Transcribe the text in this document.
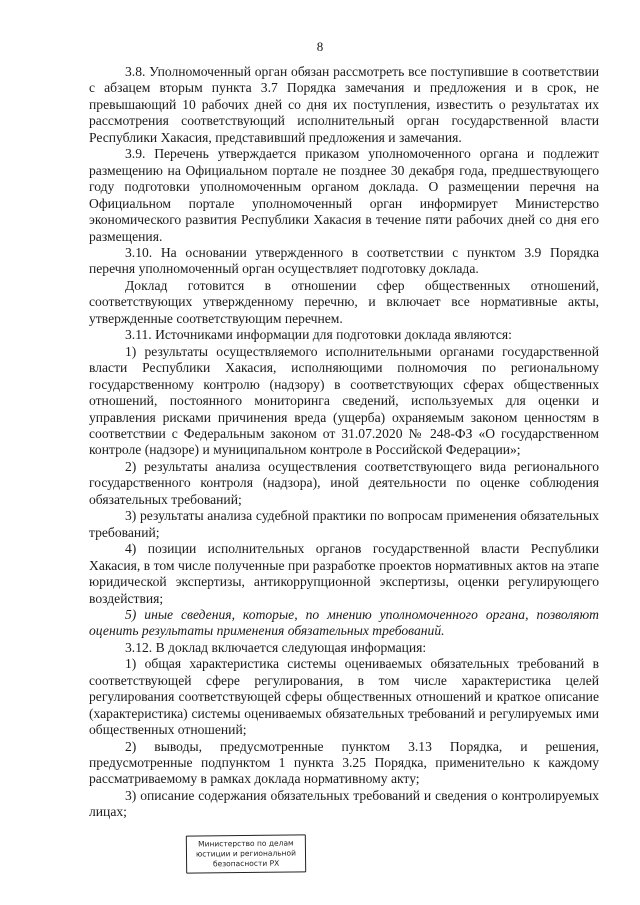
8

3.8. Уполномоченный орган обязан рассмотреть все поступившие в соответствии с абзацем вторым пункта 3.7 Порядка замечания и предложения и в срок, не превышающий 10 рабочих дней со дня их поступления, известить о результатах их рассмотрения соответствующий исполнительный орган государственной власти Республики Хакасия, представивший предложения и замечания.

3.9. Перечень утверждается приказом уполномоченного органа и подлежит размещению на Официальном портале не позднее 30 декабря года, предшествующего году подготовки уполномоченным органом доклада. О размещении перечня на Официальном портале уполномоченный орган информирует Министерство экономического развития Республики Хакасия в течение пяти рабочих дней со дня его размещения.

3.10. На основании утвержденного в соответствии с пунктом 3.9 Порядка перечня уполномоченный орган осуществляет подготовку доклада.

Доклад готовится в отношении сфер общественных отношений, соответствующих утвержденному перечню, и включает все нормативные акты, утвержденные соответствующим перечнем.

3.11. Источниками информации для подготовки доклада являются:

1) результаты осуществляемого исполнительными органами государственной власти Республики Хакасия, исполняющими полномочия по региональному государственному контролю (надзору) в соответствующих сферах общественных отношений, постоянного мониторинга сведений, используемых для оценки и управления рисками причинения вреда (ущерба) охраняемым законом ценностям в соответствии с Федеральным законом от 31.07.2020 № 248-ФЗ «О государственном контроле (надзоре) и муниципальном контроле в Российской Федерации»;

2) результаты анализа осуществления соответствующего вида регионального государственного контроля (надзора), иной деятельности по оценке соблюдения обязательных требований;

3) результаты анализа судебной практики по вопросам применения обязательных требований;

4) позиции исполнительных органов государственной власти Республики Хакасия, в том числе полученные при разработке проектов нормативных актов на этапе юридической экспертизы, антикоррупционной экспертизы, оценки регулирующего воздействия;

5) иные сведения, которые, по мнению уполномоченного органа, позволяют оценить результаты применения обязательных требований.

3.12. В доклад включается следующая информация:

1) общая характеристика системы оцениваемых обязательных требований в соответствующей сфере регулирования, в том числе характеристика целей регулирования соответствующей сферы общественных отношений и краткое описание (характеристика) системы оцениваемых обязательных требований и регулируемых ими общественных отношений;

2) выводы, предусмотренные пунктом 3.13 Порядка, и решения, предусмотренные подпунктом 1 пункта 3.25 Порядка, применительно к каждому рассматриваемому в рамках доклада нормативному акту;

3) описание содержания обязательных требований и сведения о контролируемых лицах;

Министерство по делам
юстиции и региональной
безопасности РХ
